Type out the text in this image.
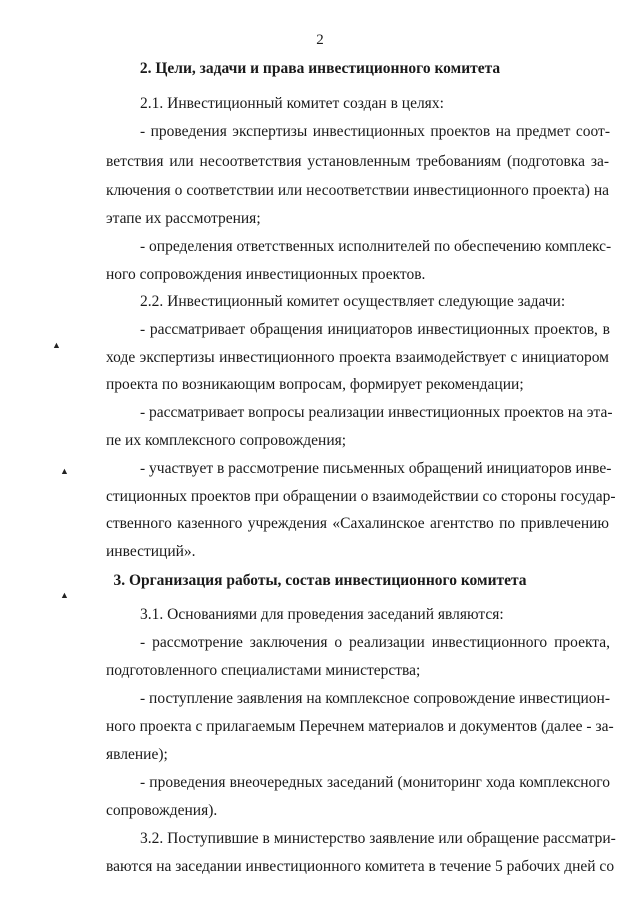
2
2. Цели, задачи и права инвестиционного комитета
2.1. Инвестиционный комитет создан в целях:
- проведения экспертизы инвестиционных проектов на предмет соот-
ветствия или несоответствия установленным требованиям (подготовка за-
ключения о соответствии или несоответствии инвестиционного проекта) на
этапе их рассмотрения;
- определения ответственных исполнителей по обеспечению комплекс-
ного сопровождения инвестиционных проектов.
2.2. Инвестиционный комитет осуществляет следующие задачи:
- рассматривает обращения инициаторов инвестиционных проектов, в
ходе экспертизы инвестиционного проекта взаимодействует с инициатором
проекта по возникающим вопросам, формирует рекомендации;
- рассматривает вопросы реализации инвестиционных проектов на эта-
пе их комплексного сопровождения;
- участвует в рассмотрение письменных обращений инициаторов инве-
стиционных проектов при обращении о взаимодействии со стороны государ-
ственного казенного учреждения «Сахалинское агентство по привлечению
инвестиций».
3. Организация работы, состав инвестиционного комитета
3.1. Основаниями для проведения заседаний являются:
- рассмотрение заключения о реализации инвестиционного проекта,
подготовленного специалистами министерства;
- поступление заявления на комплексное сопровождение инвестицион-
ного проекта с прилагаемым Перечнем материалов и документов (далее - за-
явление);
- проведения внеочередных заседаний (мониторинг хода комплексного
сопровождения).
3.2. Поступившие в министерство заявление или обращение рассматри-
ваются на заседании инвестиционного комитета в течение 5 рабочих дней со
▲
▲
▲
